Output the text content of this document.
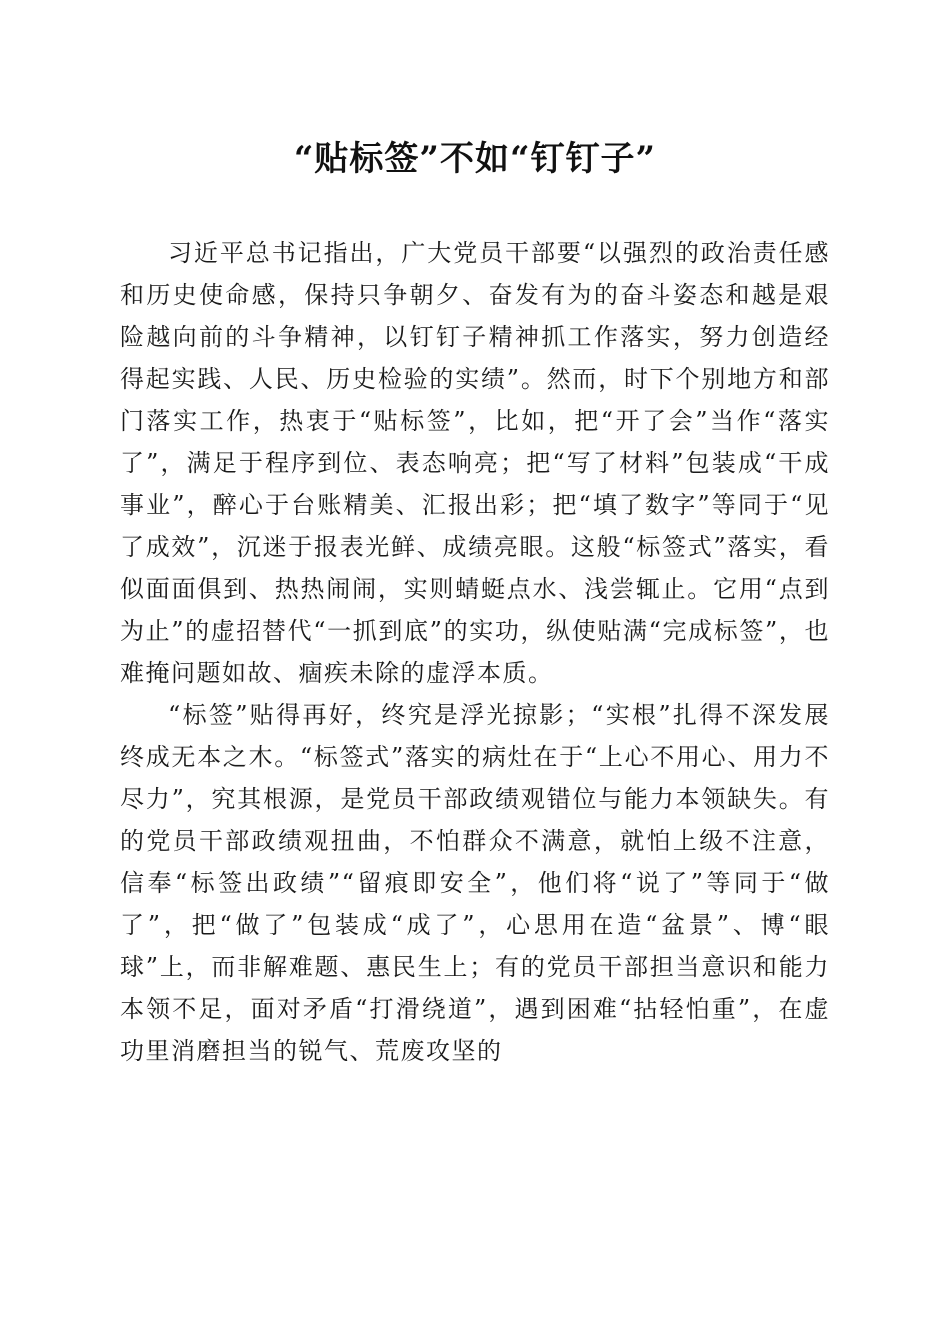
“贴标签”不如“钉钉子”

习近平总书记指出，广大党员干部要“以强烈的政治责任感和历史使命感，保持只争朝夕、奋发有为的奋斗姿态和越是艰险越向前的斗争精神，以钉钉子精神抓工作落实，努力创造经得起实践、人民、历史检验的实绩”。然而，时下个别地方和部门落实工作，热衷于“贴标签”，比如，把“开了会”当作“落实了”，满足于程序到位、表态响亮；把“写了材料”包装成“干成事业”，醉心于台账精美、汇报出彩；把“填了数字”等同于“见了成效”，沉迷于报表光鲜、成绩亮眼。这般“标签式”落实，看似面面俱到、热热闹闹，实则蜻蜓点水、浅尝辄止。它用“点到为止”的虚招替代“一抓到底”的实功，纵使贴满“完成标签”，也难掩问题如故、痼疾未除的虚浮本质。

“标签”贴得再好，终究是浮光掠影；“实根”扎得不深发展终成无本之木。“标签式”落实的病灶在于“上心不用心、用力不尽力”，究其根源，是党员干部政绩观错位与能力本领缺失。有的党员干部政绩观扭曲，不怕群众不满意，就怕上级不注意，信奉“标签出政绩”“留痕即安全”，他们将“说了”等同于“做了”，把“做了”包装成“成了”，心思用在造“盆景”、博“眼球”上，而非解难题、惠民生上；有的党员干部担当意识和能力本领不足，面对矛盾“打滑绕道”，遇到困难“拈轻怕重”，在虚功里消磨担当的锐气、荒废攻坚的
